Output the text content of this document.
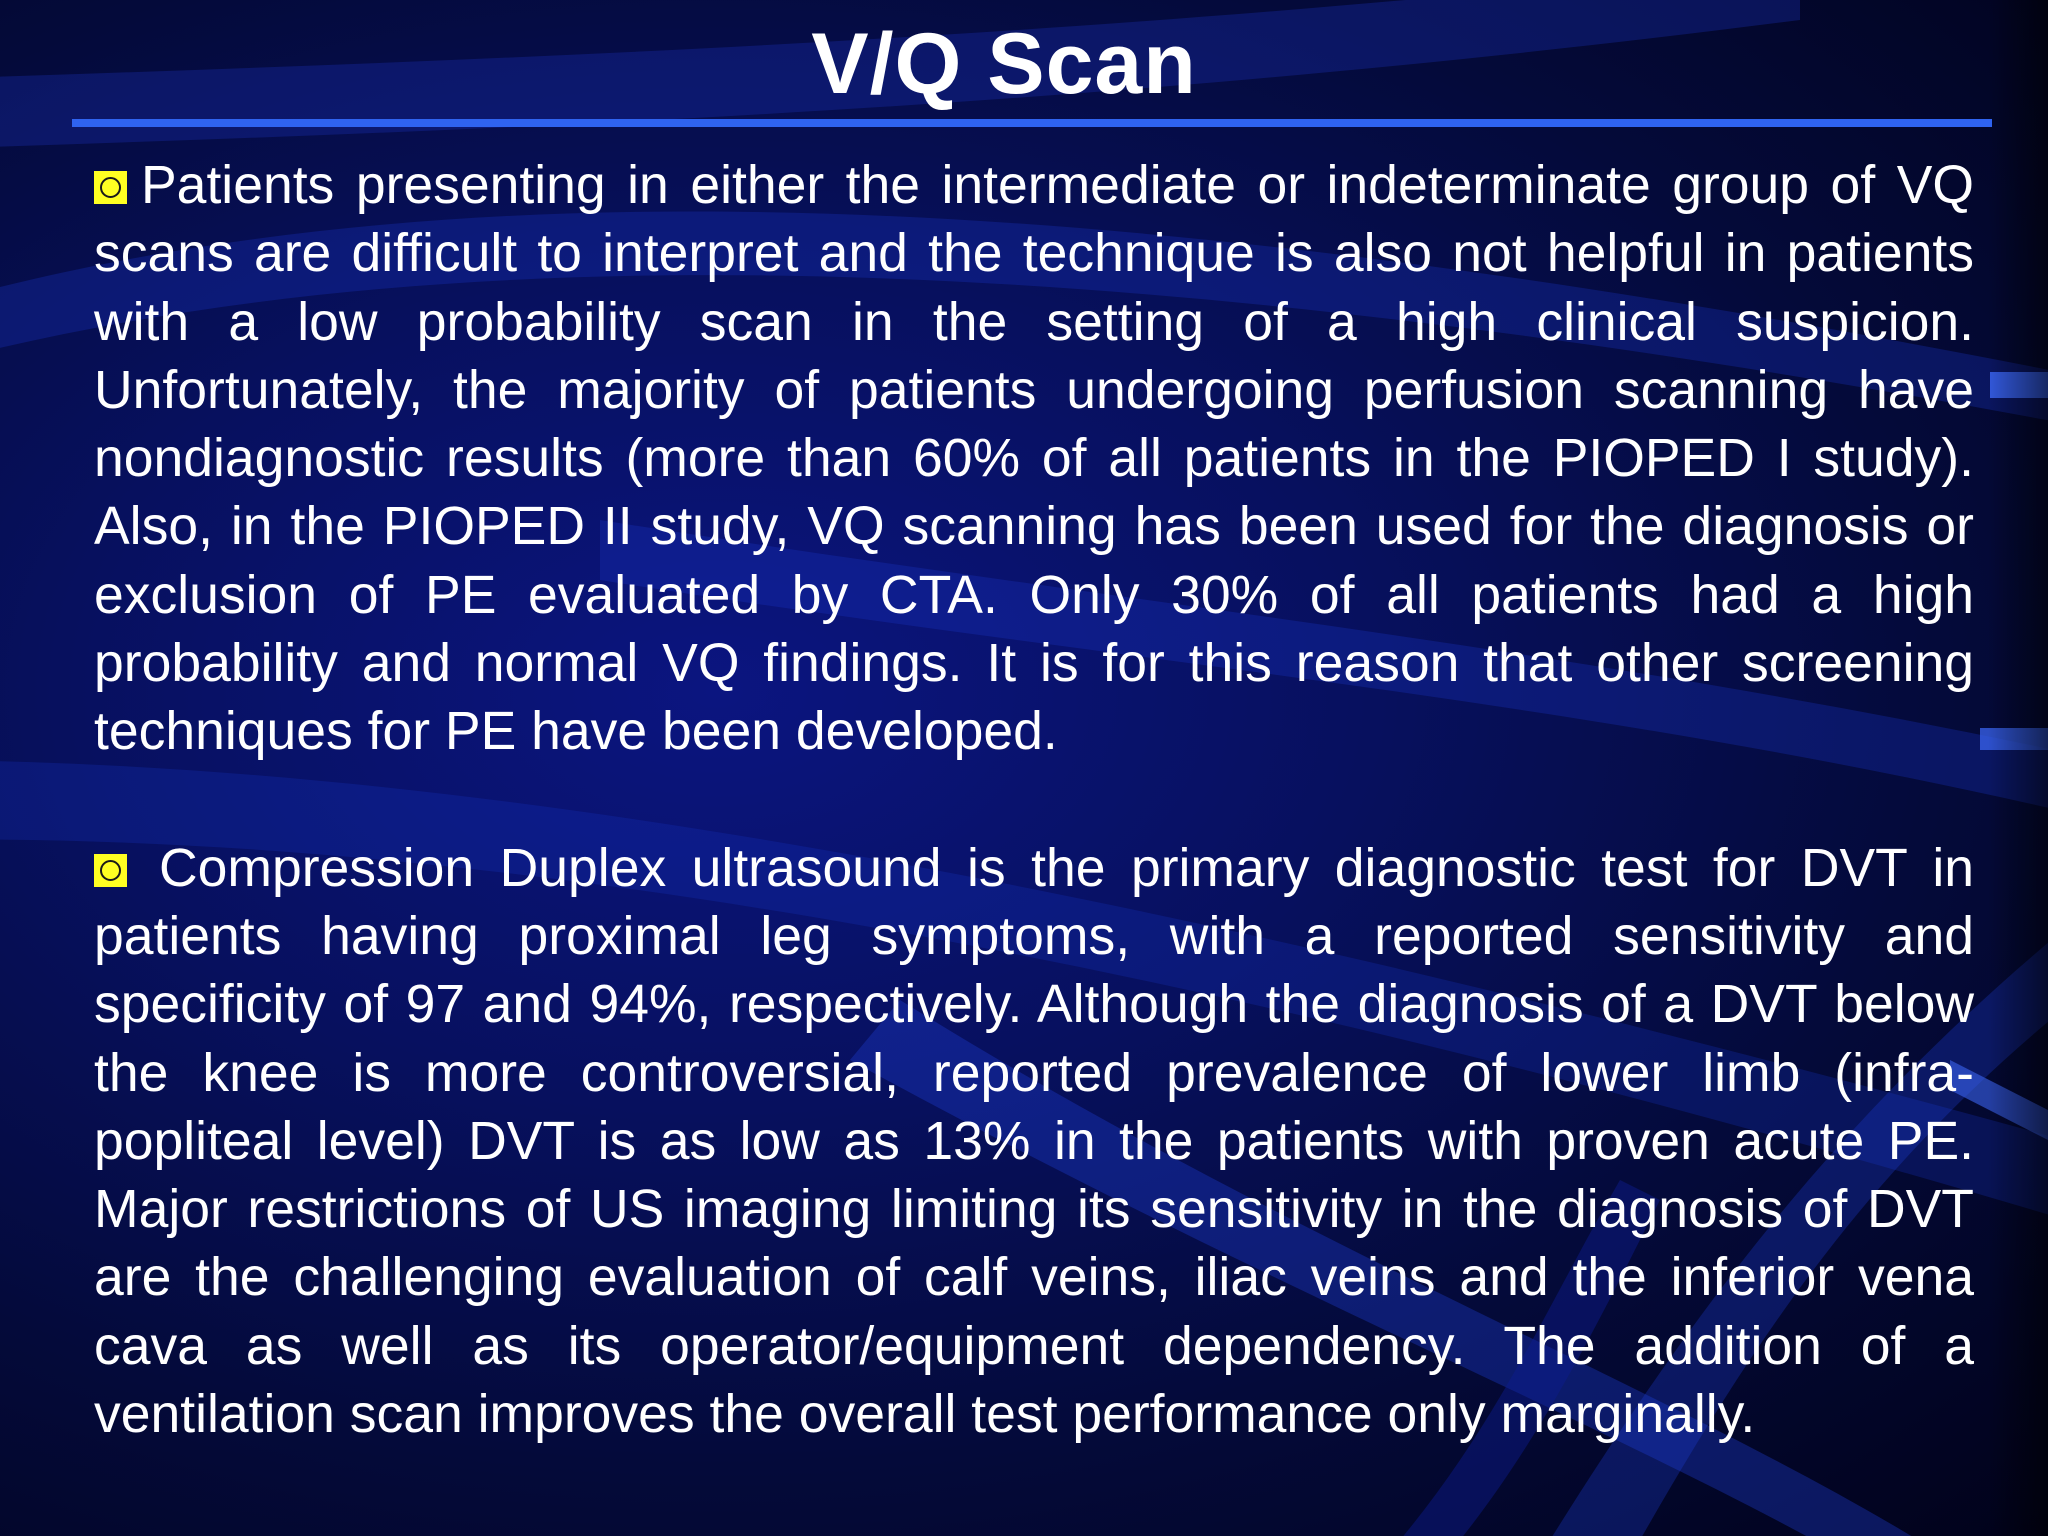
V/Q Scan

Patients presenting in either the intermediate or indeterminate group of VQ scans are difficult to interpret and the technique is also not helpful in patients with a low probability scan in the setting of a high clinical suspicion. Unfortunately, the majority of patients undergoing perfusion scanning have nondiagnostic results (more than 60% of all patients in the PIOPED I study). Also, in the PIOPED II study, VQ scanning has been used for the diagnosis or exclusion of PE evaluated by CTA. Only 30% of all patients had a high probability and normal VQ findings. It is for this reason that other screening techniques for PE have been developed.

Compression Duplex ultrasound is the primary diagnostic test for DVT in patients having proximal leg symptoms, with a reported sensitivity and specificity of 97 and 94%, respectively. Although the diagnosis of a DVT below the knee is more controversial, reported prevalence of lower limb (infra-popliteal level) DVT is as low as 13% in the patients with proven acute PE. Major restrictions of US imaging limiting its sensitivity in the diagnosis of DVT are the challenging evaluation of calf veins, iliac veins and the inferior vena cava as well as its operator/equipment dependency. The addition of a ventilation scan improves the overall test performance only marginally.
